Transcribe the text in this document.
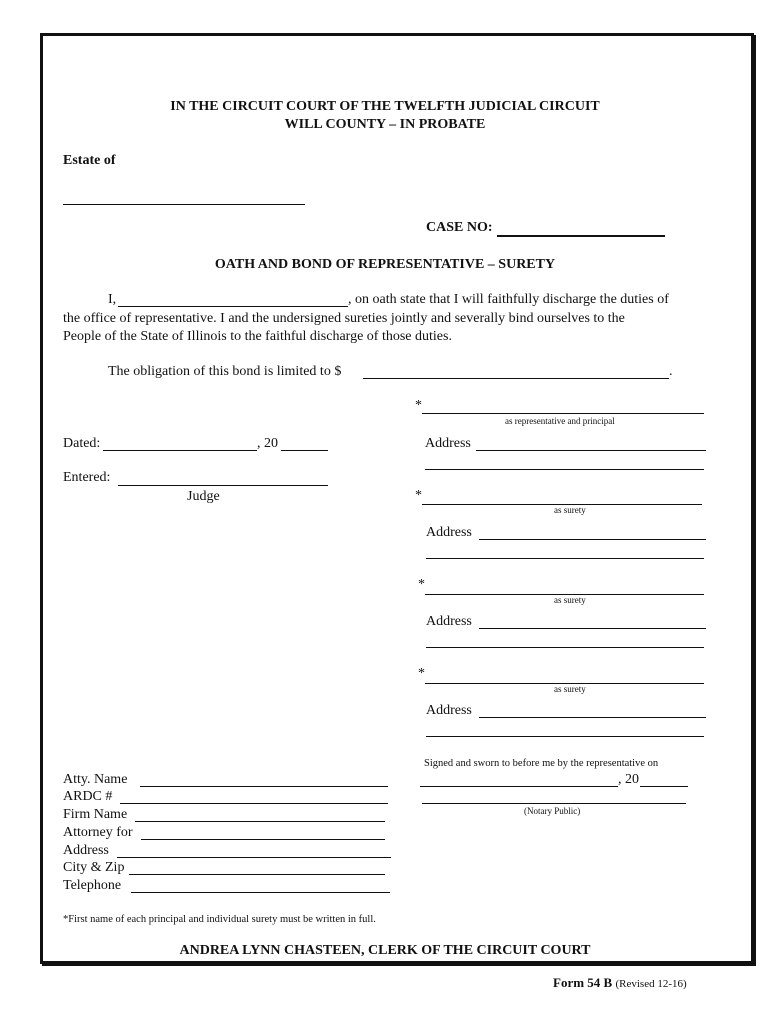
IN THE CIRCUIT COURT OF THE TWELFTH JUDICIAL CIRCUIT
WILL COUNTY – IN PROBATE
Estate of
CASE NO:
OATH AND BOND OF REPRESENTATIVE – SURETY
I,	, on oath state that I will faithfully discharge the duties of
the office of representative. I and the undersigned sureties jointly and severally bind ourselves to the
People of the State of Illinois to the faithful discharge of those duties.
The obligation of this bond is limited to $	.
*
as representative and principal
Dated:	, 20	Address
Entered:
Judge	*
as surety
Address
*
as surety
Address
*
as surety
Address
Signed and sworn to before me by the representative on
, 20
(Notary Public)
Atty. Name
ARDC #
Firm Name
Attorney for
Address
City & Zip
Telephone
*First name of each principal and individual surety must be written in full.
ANDREA LYNN CHASTEEN, CLERK OF THE CIRCUIT COURT
Form 54 B (Revised 12-16)
